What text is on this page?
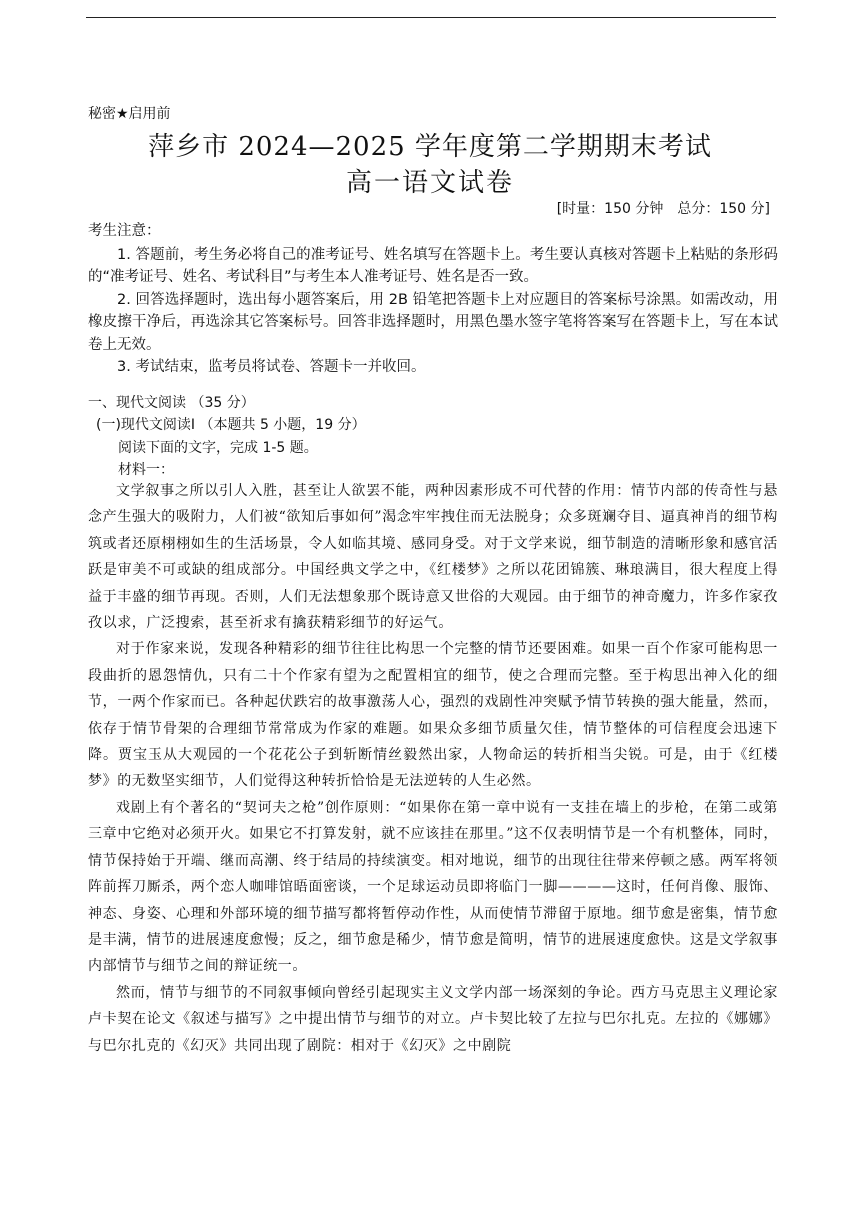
秘密★启用前
萍乡市 2024—2025 学年度第二学期期末考试
高一语文试卷
[时量：150 分钟　总分：150 分]

考生注意：

1. 答题前，考生务必将自己的准考证号、姓名填写在答题卡上。考生要认真核对答题卡上粘贴的条形码的“准考证号、姓名、考试科目”与考生本人准考证号、姓名是否一致。

2. 回答选择题时，选出每小题答案后，用 2B 铅笔把答题卡上对应题目的答案标号涂黑。如需改动，用橡皮擦干净后，再选涂其它答案标号。回答非选择题时，用黑色墨水签字笔将答案写在答题卡上，写在本试卷上无效。

3. 考试结束，监考员将试卷、答题卡一并收回。

一、现代文阅读 （35 分）
(一)现代文阅读Ⅰ （本题共 5 小题，19 分）
阅读下面的文字，完成 1-5 题。
材料一：

文学叙事之所以引人入胜，甚至让人欲罢不能，两种因素形成不可代替的作用：情节内部的传奇性与悬念产生强大的吸附力，人们被“欲知后事如何”渴念牢牢拽住而无法脱身；众多斑斓夺目、逼真神肖的细节构筑或者还原栩栩如生的生活场景，令人如临其境、感同身受。对于文学来说，细节制造的清晰形象和感官活跃是审美不可或缺的组成部分。中国经典文学之中，《红楼梦》之所以花团锦簇、琳琅满目，很大程度上得益于丰盛的细节再现。否则，人们无法想象那个既诗意又世俗的大观园。由于细节的神奇魔力，许多作家孜孜以求，广泛搜索，甚至祈求有擒获精彩细节的好运气。

对于作家来说，发现各种精彩的细节往往比构思一个完整的情节还要困难。如果一百个作家可能构思一段曲折的恩怨情仇，只有二十个作家有望为之配置相宜的细节，使之合理而完整。至于构思出神入化的细节，一两个作家而已。各种起伏跌宕的故事激荡人心，强烈的戏剧性冲突赋予情节转换的强大能量，然而，依存于情节骨架的合理细节常常成为作家的难题。如果众多细节质量欠佳，情节整体的可信程度会迅速下降。贾宝玉从大观园的一个花花公子到斩断情丝毅然出家，人物命运的转折相当尖锐。可是，由于《红楼梦》的无数坚实细节，人们觉得这种转折恰恰是无法逆转的人生必然。

戏剧上有个著名的“契诃夫之枪”创作原则：“如果你在第一章中说有一支挂在墙上的步枪，在第二或第三章中它绝对必须开火。如果它不打算发射，就不应该挂在那里。”这不仅表明情节是一个有机整体，同时，情节保持始于开端、继而高潮、终于结局的持续演变。相对地说，细节的出现往往带来停顿之感。两军将领阵前挥刀厮杀，两个恋人咖啡馆晤面密谈，一个足球运动员即将临门一脚————这时，任何肖像、服饰、神态、身姿、心理和外部环境的细节描写都将暂停动作性，从而使情节滞留于原地。细节愈是密集，情节愈是丰满，情节的进展速度愈慢；反之，细节愈是稀少，情节愈是简明，情节的进展速度愈快。这是文学叙事内部情节与细节之间的辩证统一。

然而，情节与细节的不同叙事倾向曾经引起现实主义文学内部一场深刻的争论。西方马克思主义理论家卢卡契在论文《叙述与描写》之中提出情节与细节的对立。卢卡契比较了左拉与巴尔扎克。左拉的《娜娜》与巴尔扎克的《幻灭》共同出现了剧院：相对于《幻灭》之中剧院
